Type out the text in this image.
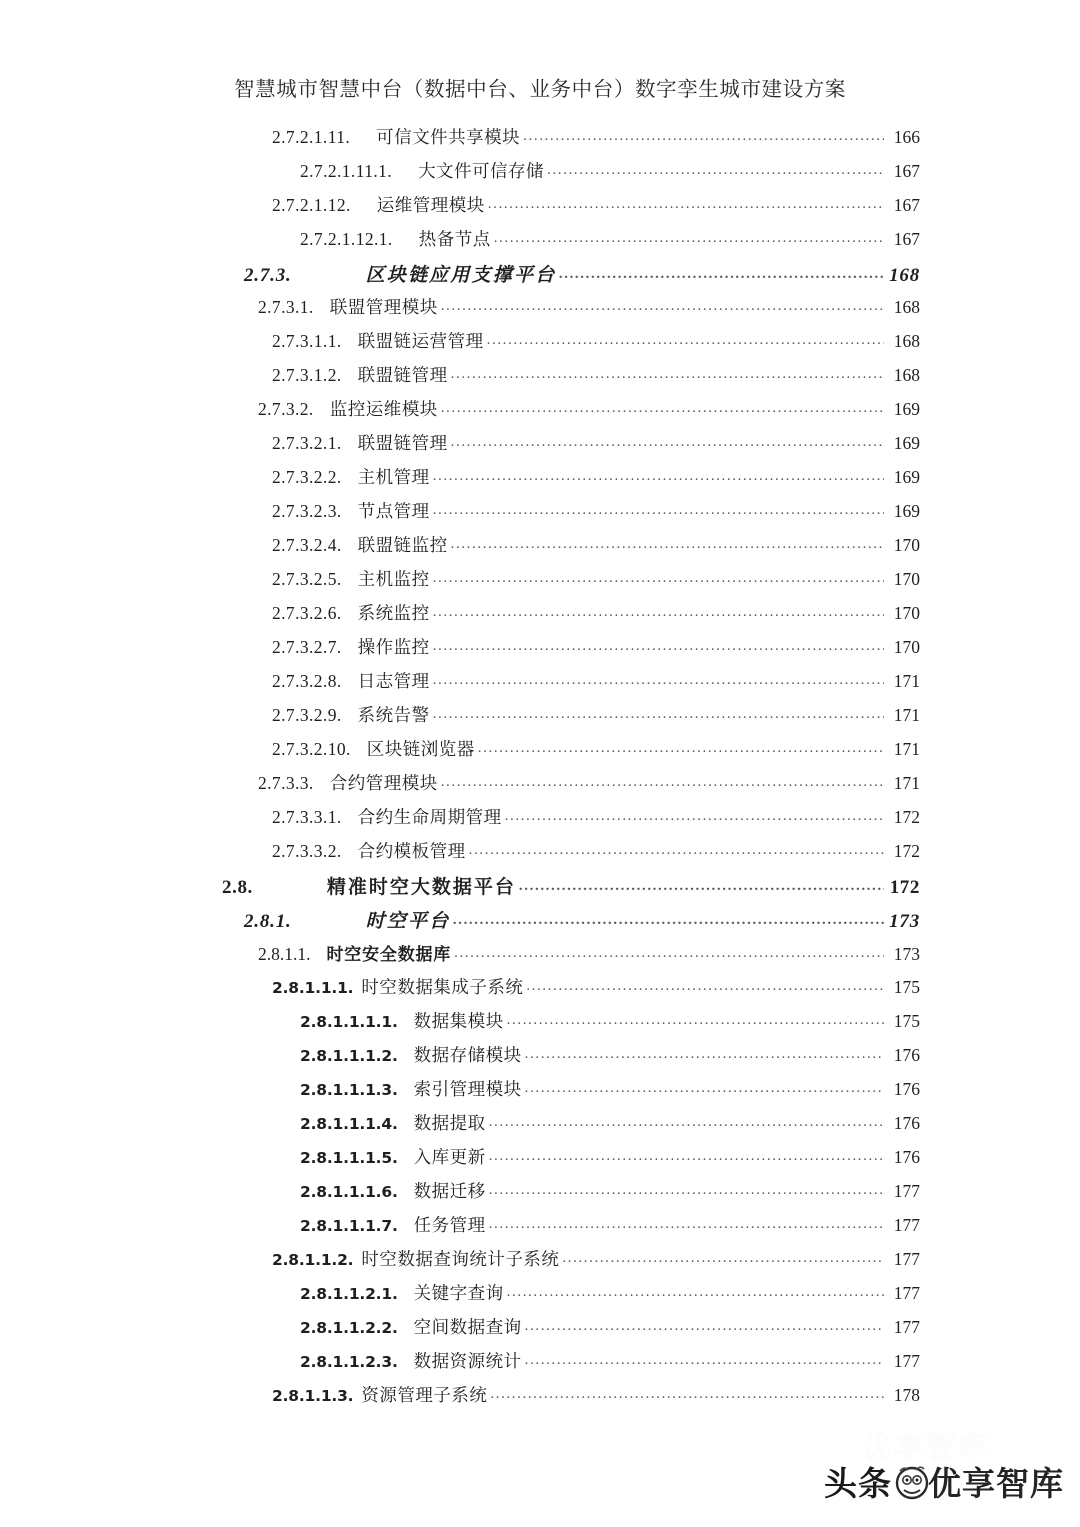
智慧城市智慧中台（数据中台、业务中台）数字孪生城市建设方案
2.7.2.1.11.	可信文件共享模块 .....	166
2.7.2.1.11.1.	大文件可信存储 .....	167
2.7.2.1.12.	运维管理模块 .....	167
2.7.2.1.12.1.	热备节点 .....	167
2.7.3.	区块链应用支撑平台 .....	168
2.7.3.1. 联盟管理模块 .....	168
2.7.3.1.1. 联盟链运营管理 .....	168
2.7.3.1.2. 联盟链管理 .....	168
2.7.3.2. 监控运维模块 .....	169
2.7.3.2.1. 联盟链管理 .....	169
2.7.3.2.2. 主机管理 .....	169
2.7.3.2.3. 节点管理 .....	169
2.7.3.2.4. 联盟链监控 .....	170
2.7.3.2.5. 主机监控 .....	170
2.7.3.2.6. 系统监控 .....	170
2.7.3.2.7. 操作监控 .....	170
2.7.3.2.8. 日志管理 .....	171
2.7.3.2.9. 系统告警 .....	171
2.7.3.2.10. 区块链浏览器 .....	171
2.7.3.3. 合约管理模块 .....	171
2.7.3.3.1. 合约生命周期管理 .....	172
2.7.3.3.2. 合约模板管理 .....	172
2.8.	精准时空大数据平台 .....	172
2.8.1.	时空平台 .....	173
2.8.1.1. 时空安全数据库 .....	173
2.8.1.1.1. 时空数据集成子系统 .....	175
2.8.1.1.1.1. 数据集模块 .....	175
2.8.1.1.1.2. 数据存储模块 .....	176
2.8.1.1.1.3. 索引管理模块 .....	176
2.8.1.1.1.4. 数据提取 .....	176
2.8.1.1.1.5. 入库更新 .....	176
2.8.1.1.1.6. 数据迁移 .....	177
2.8.1.1.1.7. 任务管理 .....	177
2.8.1.1.2. 时空数据查询统计子系统 .....	177
2.8.1.1.2.1. 关键字查询 .....	177
2.8.1.1.2.2. 空间数据查询 .....	177
2.8.1.1.2.3. 数据资源统计 .....	177
2.8.1.1.3. 资源管理子系统 .....	178
优享智库
头条 优享智库
